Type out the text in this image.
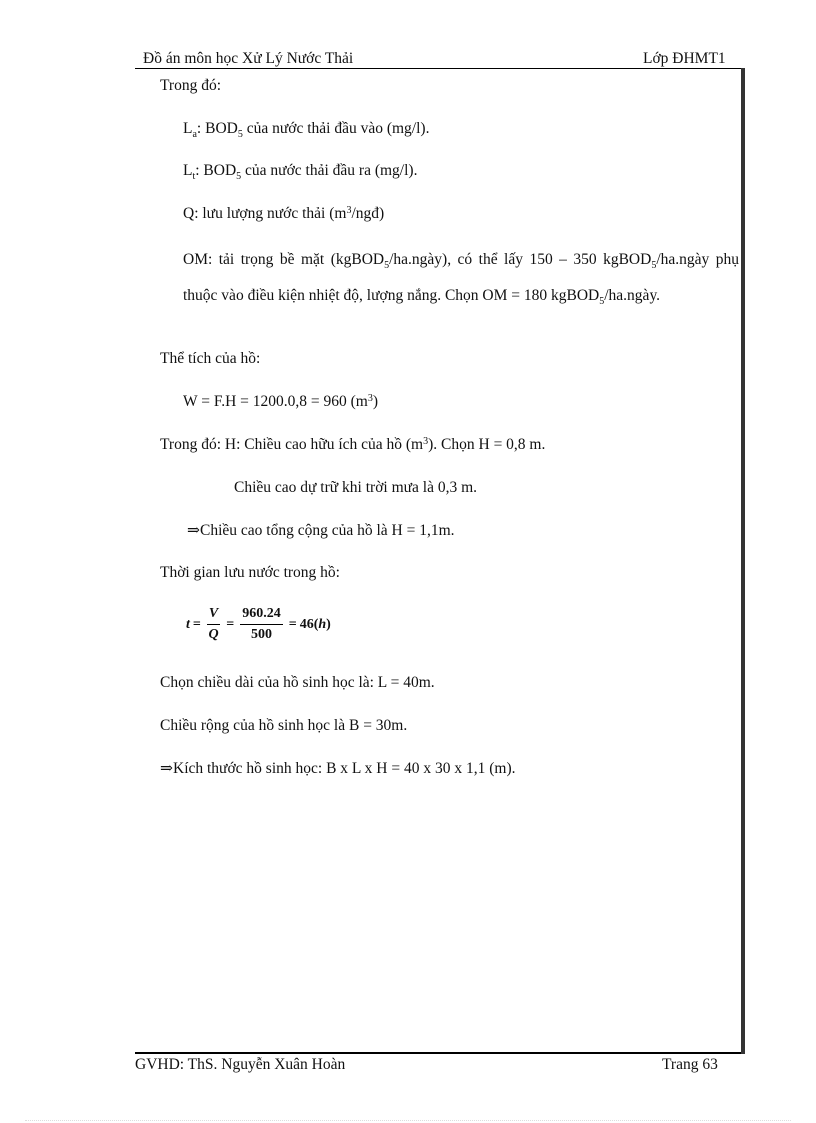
Đồ án môn học Xử Lý Nước Thải	Lớp ĐHMT1
Trong đó:
$L_a$: $BOD_5$ của nước thải đầu vào (mg/l).
$L_t$: $BOD_5$ của nước thải đầu ra (mg/l).
Q: lưu lượng nước thải $(m^3/ngđ)$
OM: tải trọng bề mặt (kgBOD$_5$/ha.ngày), có thể lấy 150 – 350 kgBOD$_5$/ha.ngày phụ thuộc vào điều kiện nhiệt độ, lượng nắng. Chọn OM = 180 kgBOD$_5$/ha.ngày.
Thể tích của hồ:
W = F.H = 1200.0,8 = 960 $(m^3)$
Trong đó: H: Chiều cao hữu ích của hồ $(m^3)$. Chọn H = 0,8 m.
Chiều cao dự trữ khi trời mưa là 0,3 m.
⇒Chiều cao tổng cộng của hồ là H = 1,1m.
Thời gian lưu nước trong hồ:
$t = \frac{V}{Q} = \frac{960.24}{500} = 46(h)$
Chọn chiều dài của hồ sinh học là: L = 40m.
Chiều rộng của hồ sinh học là B = 30m.
⇒Kích thước hồ sinh học: B x L x H = 40 x 30 x 1,1 (m).
GVHD: ThS. Nguyễn Xuân Hoàn	Trang 63
